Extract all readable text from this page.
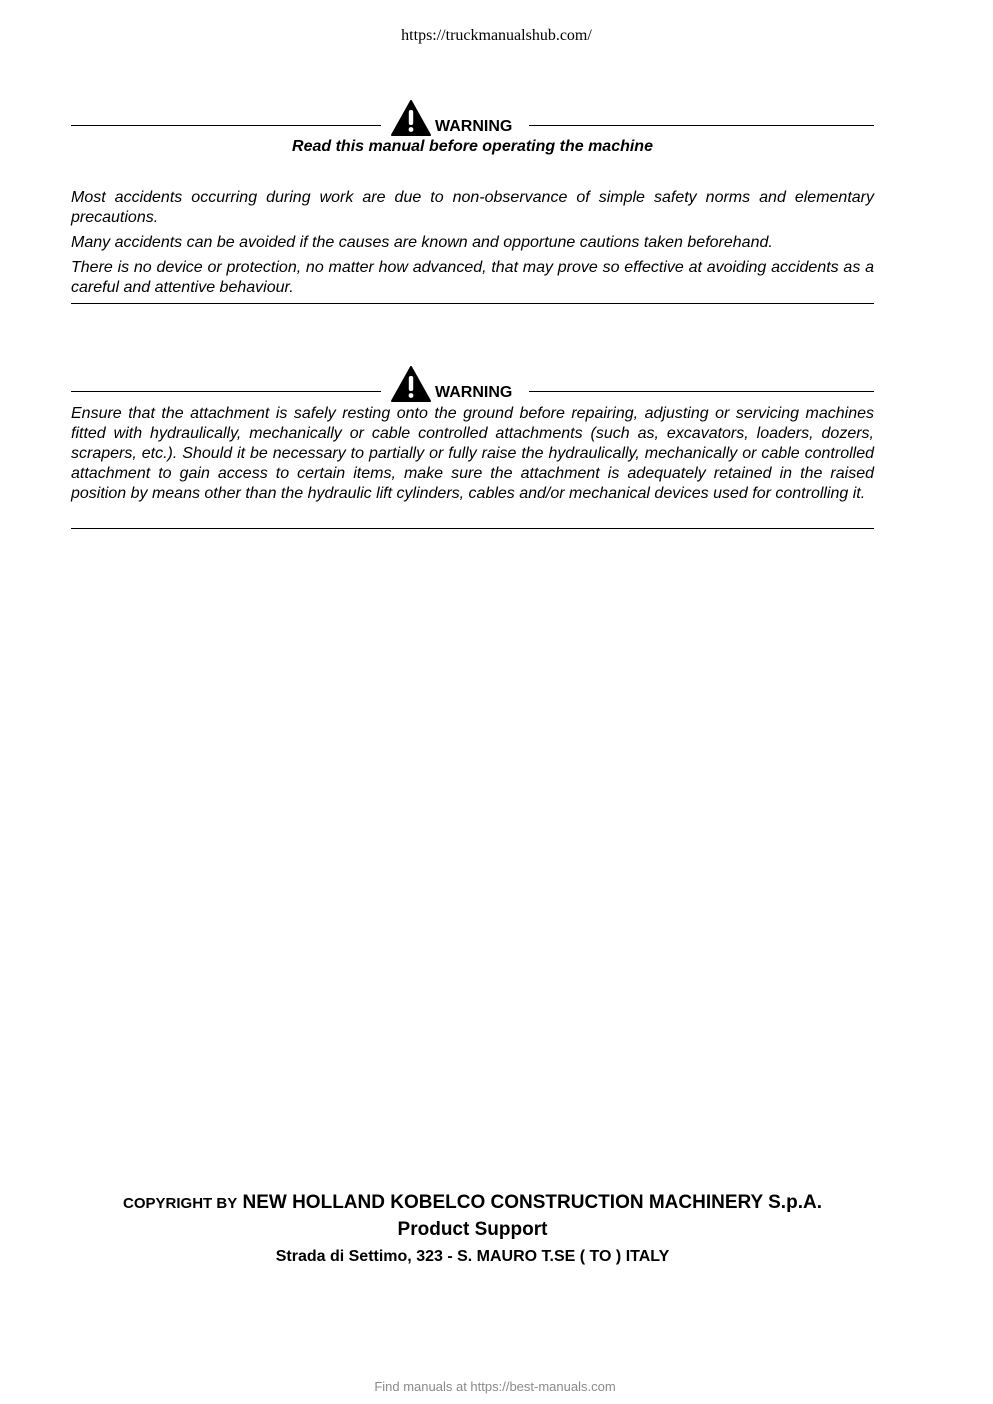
https://truckmanualshub.com/
WARNING
Read this manual before operating the machine

Most accidents occurring during work are due to non-observance of simple safety norms and elementary precautions.

Many accidents can be avoided if the causes are known and opportune cautions taken beforehand.

There is no device or protection, no matter how advanced, that may prove so effective at avoiding accidents as a careful and attentive behaviour.

WARNING

Ensure that the attachment is safely resting onto the ground before repairing, adjusting or servicing machines fitted with hydraulically, mechanically or cable controlled attachments (such as, excavators, loaders, dozers, scrapers, etc.). Should it be necessary to partially or fully raise the hydraulically, mechanically or cable controlled attachment to gain access to certain items, make sure the attachment is adequately retained in the raised position by means other than the hydraulic lift cylinders, cables and/or mechanical devices used for controlling it.

COPYRIGHT BY NEW HOLLAND KOBELCO CONSTRUCTION MACHINERY S.p.A.
Product Support
Strada di Settimo, 323 - S. MAURO T.SE ( TO ) ITALY
Find manuals at https://best-manuals.com
